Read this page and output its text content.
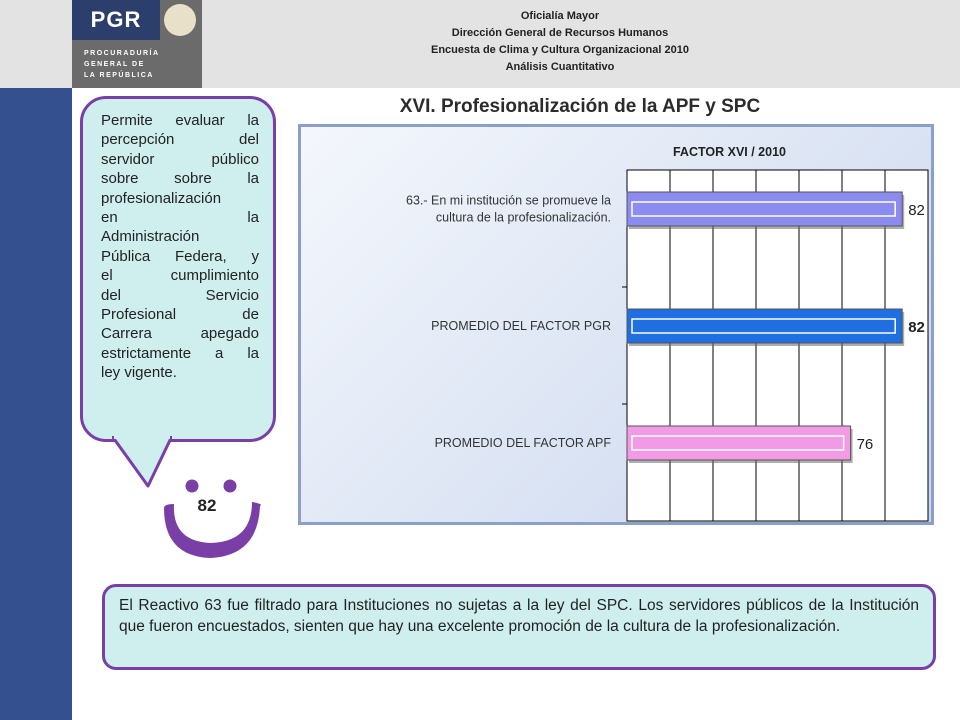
PGR
PROCURADURÍA
GENERAL DE
LA REPÚBLICA
Oficialía Mayor
Dirección General de Recursos Humanos
Encuesta de Clima y Cultura Organizacional 2010
Análisis Cuantitativo
XVI. Profesionalización de la APF y SPC
Permite evaluar la
percepción del
servidor público
sobre sobre la
profesionalización
en la
Administración
Pública Federa, y
el cumplimiento
del Servicio
Profesional de
Carrera apegado
estrictamente a la
ley vigente.
82
FACTOR XVI / 2010
82
63.- En mi institución se promueve la
cultura de la profesionalización.
82
PROMEDIO DEL FACTOR PGR
76
PROMEDIO DEL FACTOR APF
El Reactivo 63 fue filtrado para Instituciones no sujetas a la ley del SPC. Los servidores públicos de la Institución que fueron encuestados, sienten que hay una excelente promoción de la cultura de la profesionalización.
